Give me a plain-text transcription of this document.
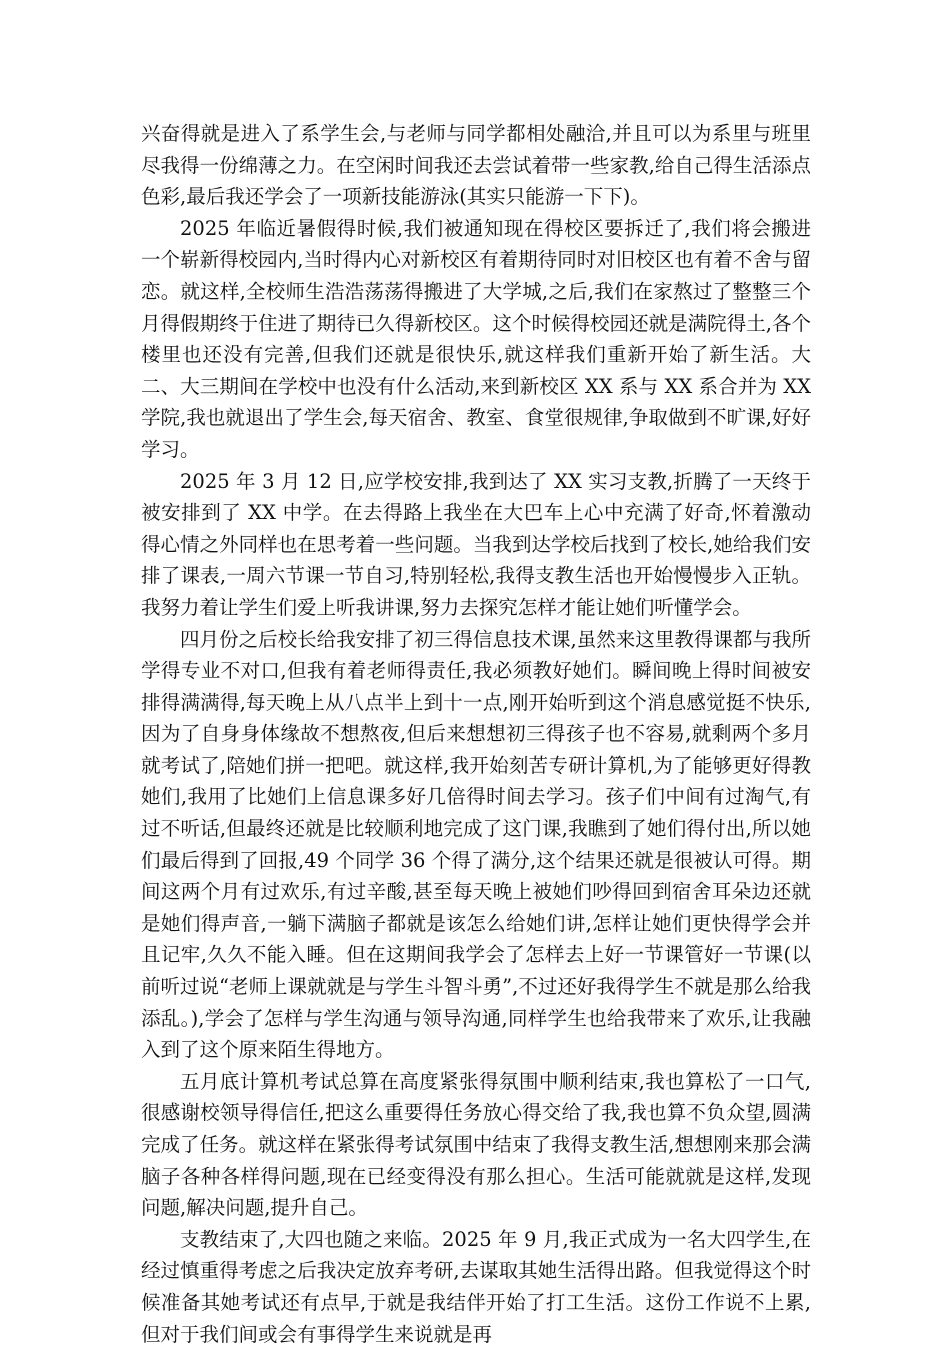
兴奋得就是进入了系学生会,与老师与同学都相处融洽,并且可以为系里与班里尽我得一份绵薄之力。在空闲时间我还去尝试着带一些家教,给自己得生活添点色彩,最后我还学会了一项新技能游泳(其实只能游一下下)。

2025 年临近暑假得时候,我们被通知现在得校区要拆迁了,我们将会搬进一个崭新得校园内,当时得内心对新校区有着期待同时对旧校区也有着不舍与留恋。就这样,全校师生浩浩荡荡得搬进了大学城,之后,我们在家熬过了整整三个月得假期终于住进了期待已久得新校区。这个时候得校园还就是满院得土,各个楼里也还没有完善,但我们还就是很快乐,就这样我们重新开始了新生活。大二、大三期间在学校中也没有什么活动,来到新校区 XX 系与 XX 系合并为 XX 学院,我也就退出了学生会,每天宿舍、教室、食堂很规律,争取做到不旷课,好好学习。

2025 年 3 月 12 日,应学校安排,我到达了 XX 实习支教,折腾了一天终于被安排到了 XX 中学。在去得路上我坐在大巴车上心中充满了好奇,怀着激动得心情之外同样也在思考着一些问题。当我到达学校后找到了校长,她给我们安排了课表,一周六节课一节自习,特别轻松,我得支教生活也开始慢慢步入正轨。我努力着让学生们爱上听我讲课,努力去探究怎样才能让她们听懂学会。

四月份之后校长给我安排了初三得信息技术课,虽然来这里教得课都与我所学得专业不对口,但我有着老师得责任,我必须教好她们。瞬间晚上得时间被安排得满满得,每天晚上从八点半上到十一点,刚开始听到这个消息感觉挺不快乐,因为了自身身体缘故不想熬夜,但后来想想初三得孩子也不容易,就剩两个多月就考试了,陪她们拼一把吧。就这样,我开始刻苦专研计算机,为了能够更好得教她们,我用了比她们上信息课多好几倍得时间去学习。孩子们中间有过淘气,有过不听话,但最终还就是比较顺利地完成了这门课,我瞧到了她们得付出,所以她们最后得到了回报,49 个同学 36 个得了满分,这个结果还就是很被认可得。期间这两个月有过欢乐,有过辛酸,甚至每天晚上被她们吵得回到宿舍耳朵边还就是她们得声音,一躺下满脑子都就是该怎么给她们讲,怎样让她们更快得学会并且记牢,久久不能入睡。但在这期间我学会了怎样去上好一节课管好一节课(以前听过说“老师上课就就是与学生斗智斗勇”,不过还好我得学生不就是那么给我添乱。),学会了怎样与学生沟通与领导沟通,同样学生也给我带来了欢乐,让我融入到了这个原来陌生得地方。

五月底计算机考试总算在高度紧张得氛围中顺利结束,我也算松了一口气,很感谢校领导得信任,把这么重要得任务放心得交给了我,我也算不负众望,圆满完成了任务。就这样在紧张得考试氛围中结束了我得支教生活,想想刚来那会满脑子各种各样得问题,现在已经变得没有那么担心。生活可能就就是这样,发现问题,解决问题,提升自己。

支教结束了,大四也随之来临。2025 年 9 月,我正式成为一名大四学生,在经过慎重得考虑之后我决定放弃考研,去谋取其她生活得出路。但我觉得这个时候准备其她考试还有点早,于就是我结伴开始了打工生活。这份工作说不上累,但对于我们间或会有事得学生来说就是再
